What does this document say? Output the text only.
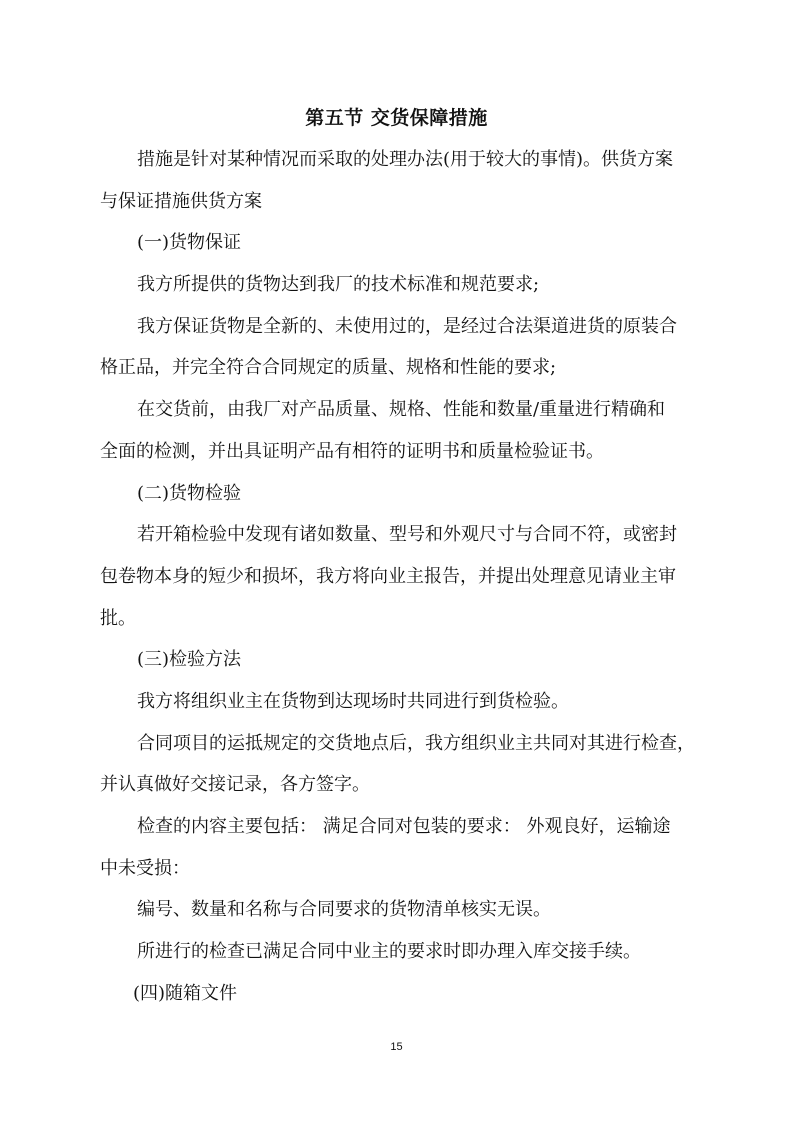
第五节 交货保障措施
措施是针对某种情况而采取的处理办法(用于较大的事情)。供货方案
与保证措施供货方案
(一)货物保证
我方所提供的货物达到我厂的技术标准和规范要求;
我方保证货物是全新的、未使用过的，是经过合法渠道进货的原装合
格正品，并完全符合合同规定的质量、规格和性能的要求;
在交货前，由我厂对产品质量、规格、性能和数量/重量进行精确和
全面的检测，并出具证明产品有相符的证明书和质量检验证书。
(二)货物检验
若开箱检验中发现有诸如数量、型号和外观尺寸与合同不符，或密封
包卷物本身的短少和损坏，我方将向业主报告，并提出处理意见请业主审
批。
(三)检验方法
我方将组织业主在货物到达现场时共同进行到货检验。
合同项目的运抵规定的交货地点后，我方组织业主共同对其进行检查，
并认真做好交接记录，各方签字。
检查的内容主要包括： 满足合同对包装的要求： 外观良好，运输途
中未受损：
编号、数量和名称与合同要求的货物清单核实无误。
所进行的检查已满足合同中业主的要求时即办理入库交接手续。
(四)随箱文件
15
